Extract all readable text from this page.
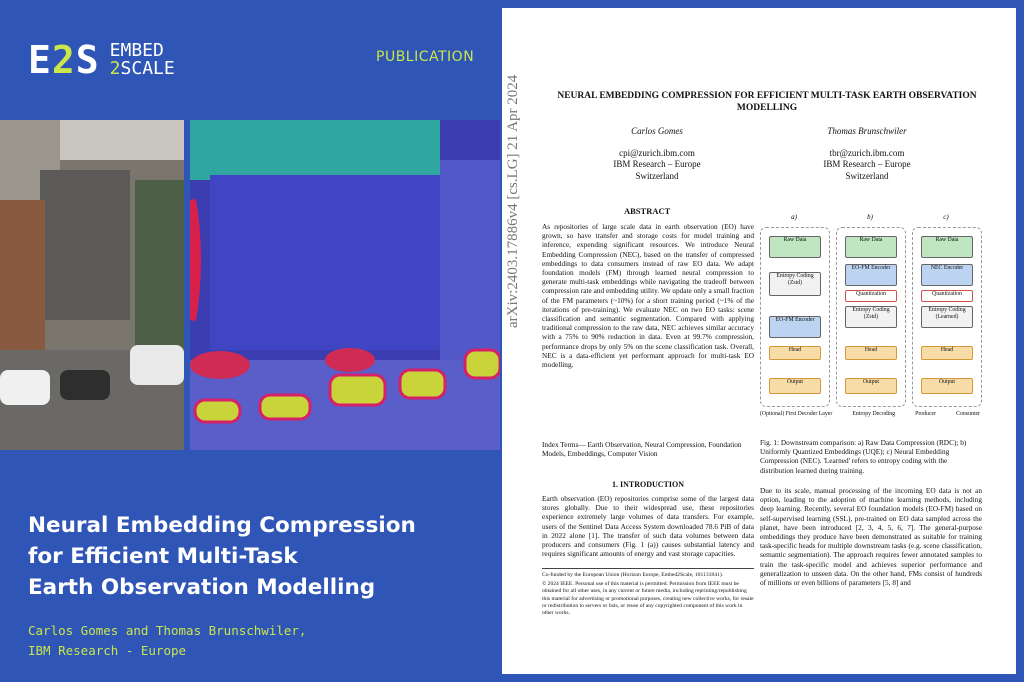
E2S EMBED
2SCALE
PUBLICATION
Neural Embedding Compression
for Efficient Multi-Task
Earth Observation Modelling
Carlos Gomes and Thomas Brunschwiler,
IBM Research - Europe
NEURAL EMBEDDING COMPRESSION FOR EFFICIENT MULTI-TASK EARTH OBSERVATION MODELLING
Carlos Gomes
cpi@zurich.ibm.com
IBM Research – Europe
Switzerland
Thomas Brunschwiler
tbr@zurich.ibm.com
IBM Research – Europe
Switzerland
arXiv:2403.17886v4 [cs.LG] 21 Apr 2024	ABSTRACT
As repositories of large scale data in earth observation (EO) have grown, so have transfer and storage costs for model training and inference, expending significant resources. We introduce Neural Embedding Compression (NEC), based on the transfer of compressed embeddings to data consumers instead of raw EO data. We adapt foundation models (FM) through learned neural compression to generate multi-task embeddings while navigating the tradeoff between compression rate and embedding utility. We update only a small fraction of the FM parameters (~10%) for a short training period (~1% of the iterations of pre-training). We evaluate NEC on two EO tasks: scene classification and semantic segmentation. Compared with applying traditional compression to the raw data, NEC achieves similar accuracy with a 75% to 90% reduction in data. Even at 99.7% compression, performance drops by only 5% on the scene classification task. Overall, NEC is a data-efficient yet performant approach for multi-task EO modelling.
Index Terms— Earth Observation, Neural Compression, Foundation Models, Embeddings, Computer Vision
1. INTRODUCTION
Earth observation (EO) repositories comprise some of the largest data stores globally. Due to their widespread use, these repositories experience extremely large volumes of data transfers. For example, users of the Sentinel Data Access System downloaded 78.6 PiB of data in 2022 alone [1]. The transfer of such data volumes between data producers and consumers (Fig. 1 (a)) causes substantial latency and requires significant amounts of energy and vast storage capacities.

Co-funded by the European Union (Horizon Europe, Embed2Scale, 101131841).

© 2024 IEEE. Personal use of this material is permitted. Permission from IEEE must be obtained for all other uses, in any current or future media, including reprinting/republishing this material for advertising or promotional purposes, creating new collective works, for resale or redistribution to servers or lists, or reuse of any copyrighted component of this work in other works.

a)	b)	c)
Raw Data
Entropy Coding (Zstd)
EO-FM Encoder
Head
Output
Raw Data
EO-FM Encoder
Quantization
Entropy Coding (Zstd)
Head
Output
Raw Data
NEC Encoder
Quantization
Entropy Coding (Learned)
Head
Output
(Optional) First Decoder Layer	Entropy Decoding	Producer	Consumer
Fig. 1: Downstream comparison: a) Raw Data Compression (RDC); b) Uniformly Quantized Embeddings (UQE); c) Neural Embedding Compression (NEC). 'Learned' refers to entropy coding with the distribution learned during training.
Due to its scale, manual processing of the incoming EO data is not an option, leading to the adoption of machine learning methods, including deep learning. Recently, several EO foundation models (EO-FM) based on self-supervised learning (SSL), pre-trained on EO data sampled across the planet, have been introduced [2, 3, 4, 5, 6, 7]. The general-purpose embeddings they produce have been demonstrated as suitable for training task-specific heads for multiple downstream tasks (e.g. scene classification, semantic segmentation). The approach requires fewer annotated samples to train the task-specific model and achieves superior performance and generalization to unseen data. On the other hand, FMs consist of hundreds of millions or even billions of parameters [5, 8] and
